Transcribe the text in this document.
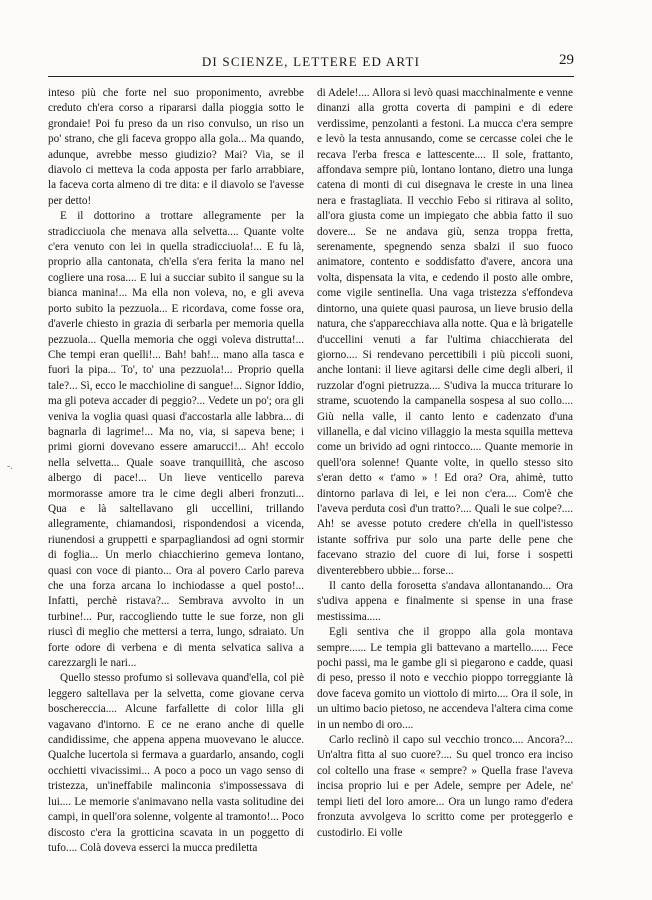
DI SCIENZE, LETTERE ED ARTI	29
-.

inteso più che forte nel suo proponimento, avrebbe creduto ch'era corso a ripararsi dalla pioggia sotto le grondaie! Poi fu preso da un riso convulso, un riso un po' strano, che gli faceva groppo alla gola... Ma quando, adunque, avrebbe messo giudizio? Mai? Via, se il diavolo ci metteva la coda apposta per farlo arrabbiare, la faceva corta almeno di tre dita: e il diavolo se l'avesse per detto!

E il dottorino a trottare allegramente per la stradicciuola che menava alla selvetta.... Quante volte c'era venuto con lei in quella stradicciuola!... E fu là, proprio alla cantonata, ch'ella s'era ferita la mano nel cogliere una rosa.... E lui a succiar subito il sangue su la bianca manina!... Ma ella non voleva, no, e gli aveva porto subito la pezzuola... E ricordava, come fosse ora, d'averle chiesto in grazia di serbarla per memoria quella pezzuola... Quella memoria che oggi voleva distrutta!... Che tempi eran quelli!... Bah! bah!... mano alla tasca e fuori la pipa... To', to' una pezzuola!... Proprio quella tale?... Sì, ecco le macchioline di sangue!... Signor Iddio, ma gli poteva accader di peggio?... Vedete un po'; ora gli veniva la voglia quasi quasi d'accostarla alle labbra... di bagnarla di lagrime!... Ma no, via, si sapeva bene; i primi giorni dovevano essere amarucci!... Ah! eccolo nella selvetta... Quale soave tranquillità, che ascoso albergo di pace!... Un lieve venticello pareva mormorasse amore tra le cime degli alberi fronzuti... Qua e là saltellavano gli uccellini, trillando allegramente, chiamandosi, rispondendosi a vicenda, riunendosi a gruppetti e sparpagliandosi ad ogni stormir di foglia... Un merlo chiacchierino gemeva lontano, quasi con voce di pianto... Ora al povero Carlo pareva che una forza arcana lo inchiodasse a quel posto!... Infatti, perchè ristava?... Sembrava avvolto in un turbine!... Pur, raccogliendo tutte le sue forze, non gli riuscì di meglio che mettersi a terra, lungo, sdraiato. Un forte odore di verbena e di menta selvatica saliva a carezzargli le nari...

Quello stesso profumo si sollevava quand'ella, col piè leggero saltellava per la selvetta, come giovane cerva boschereccia.... Alcune farfallette di color lilla gli vagavano d'intorno. E ce ne erano anche di quelle candidissime, che appena appena muovevano le alucce. Qualche lucertola si fermava a guardarlo, ansando, cogli occhietti vivacissimi... A poco a poco un vago senso di tristezza, un'ineffabile malinconia s'impossessava di lui.... Le memorie s'animavano nella vasta solitudine dei campi, in quell'ora solenne, volgente al tramonto!... Poco discosto c'era la grotticina scavata in un poggetto di tufo.... Colà doveva esserci la mucca prediletta

di Adele!.... Allora si levò quasi macchinalmente e venne dinanzi alla grotta coverta di pampini e di edere verdissime, penzolanti a festoni. La mucca c'era sempre e levò la testa annusando, come se cercasse colei che le recava l'erba fresca e lattescente.... Il sole, frattanto, affondava sempre più, lontano lontano, dietro una lunga catena di monti di cui disegnava le creste in una linea nera e frastagliata. Il vecchio Febo si ritirava al solito, all'ora giusta come un impiegato che abbia fatto il suo dovere... Se ne andava giù, senza troppa fretta, serenamente, spegnendo senza sbalzi il suo fuoco animatore, contento e soddisfatto d'avere, ancora una volta, dispensata la vita, e cedendo il posto alle ombre, come vigile sentinella. Una vaga tristezza s'effondeva dintorno, una quiete quasi paurosa, un lieve brusio della natura, che s'apparecchiava alla notte. Qua e là brigatelle d'uccellini venuti a far l'ultima chiacchierata del giorno.... Si rendevano percettibili i più piccoli suoni, anche lontani: il lieve agitarsi delle cime degli alberi, il ruzzolar d'ogni pietruzza.... S'udiva la mucca triturare lo strame, scuotendo la campanella sospesa al suo collo.... Giù nella valle, il canto lento e cadenzato d'una villanella, e dal vicino villaggio la mesta squilla metteva come un brivido ad ogni rintocco.... Quante memorie in quell'ora solenne! Quante volte, in quello stesso sito s'eran detto « t'amo » ! Ed ora? Ora, ahimè, tutto dintorno parlava di lei, e lei non c'era.... Com'è che l'aveva perduta così d'un tratto?.... Quali le sue colpe?.... Ah! se avesse potuto credere ch'ella in quell'istesso istante soffriva pur solo una parte delle pene che facevano strazio del cuore di lui, forse i sospetti diventerebbero ubbie... forse...

Il canto della forosetta s'andava allontanando... Ora s'udiva appena e finalmente si spense in una frase mestissima.....

Egli sentiva che il groppo alla gola montava sempre...... Le tempia gli battevano a martello...... Fece pochi passi, ma le gambe gli si piegarono e cadde, quasi di peso, presso il noto e vecchio pioppo torreggiante là dove faceva gomito un viottolo di mirto.... Ora il sole, in un ultimo bacio pietoso, ne accendeva l'altera cima come in un nembo di oro....

Carlo reclinò il capo sul vecchio tronco.... Ancora?... Un'altra fitta al suo cuore?.... Su quel tronco era inciso col coltello una frase « sempre? » Quella frase l'aveva incisa proprio lui e per Adele, sempre per Adele, ne' tempi lieti del loro amore... Ora un lungo ramo d'edera fronzuta avvolgeva lo scritto come per proteggerlo e custodirlo. Ei volle
